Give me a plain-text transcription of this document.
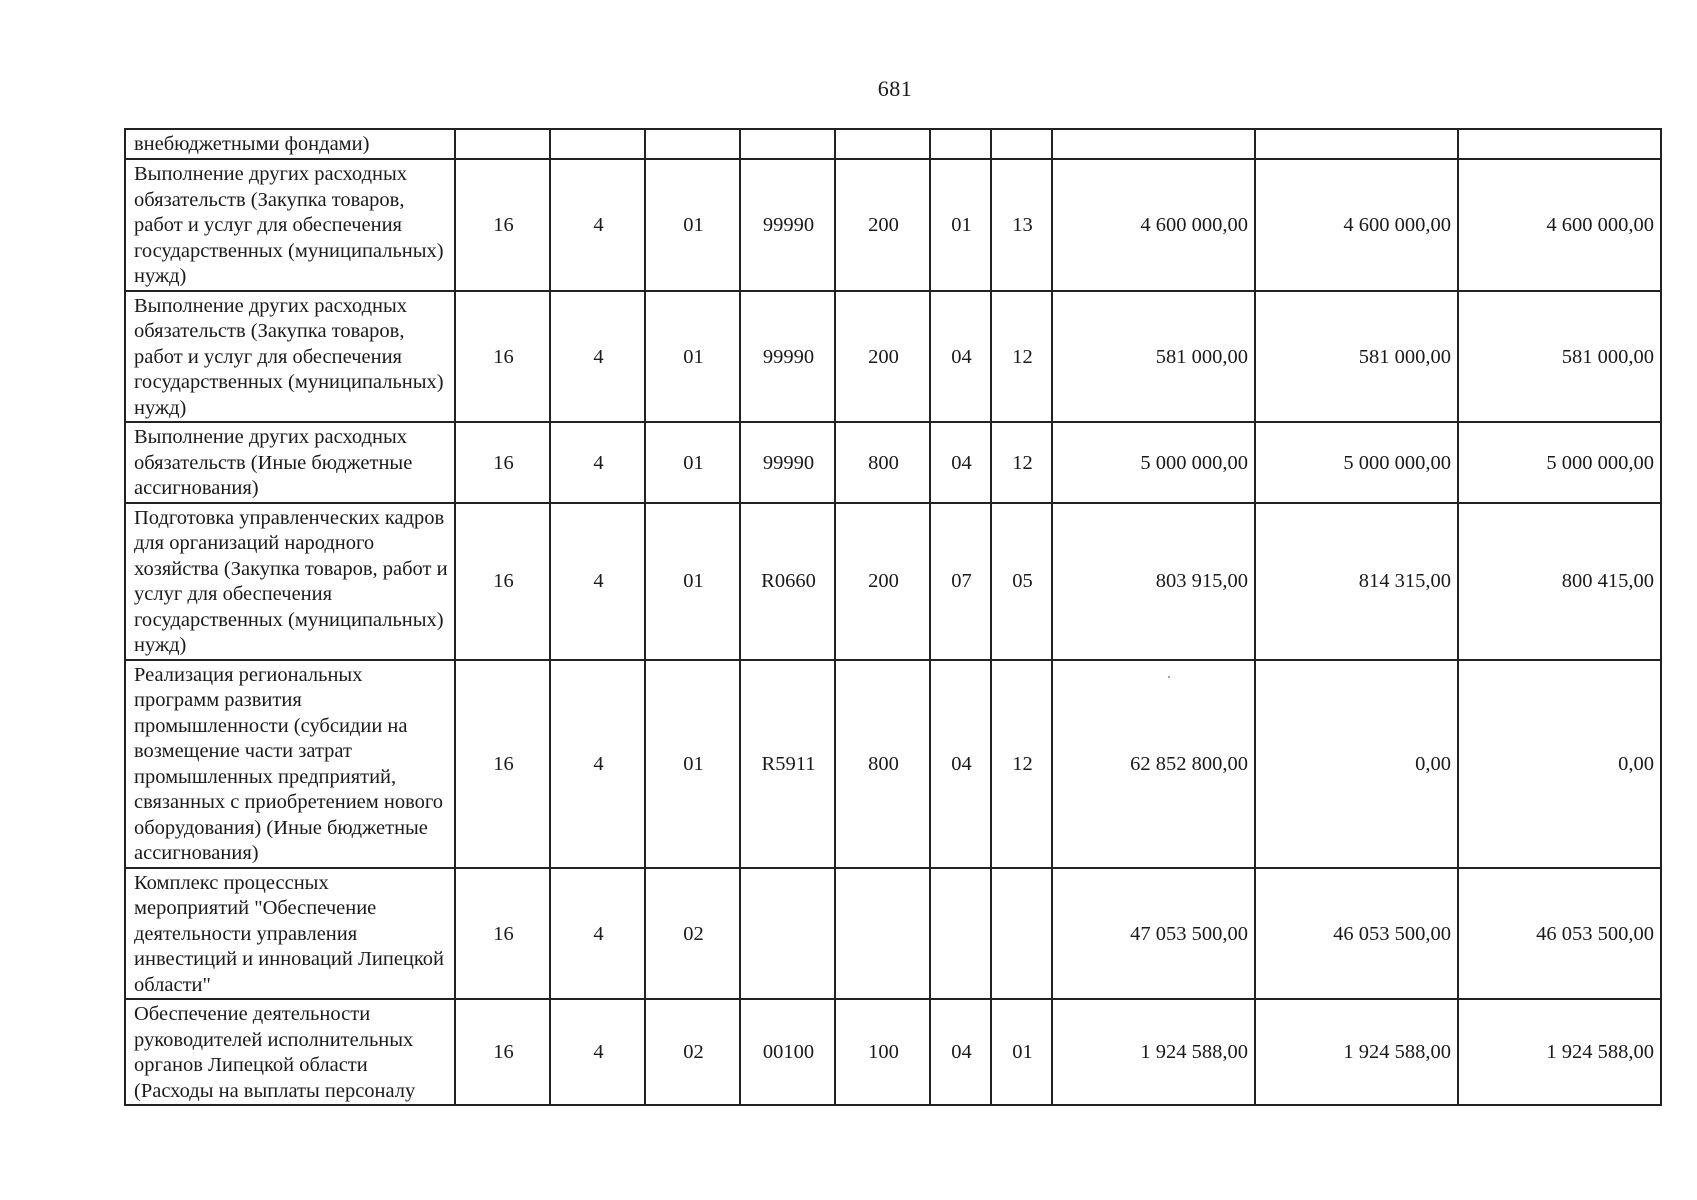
681
внебюджетными фондами)										
Выполнение других расходных обязательств (Закупка товаров, работ и услуг для обеспечения государственных (муниципальных) нужд)	16	4	01	99990	200	01	13	4 600 000,00	4 600 000,00	4 600 000,00
Выполнение других расходных обязательств (Закупка товаров, работ и услуг для обеспечения государственных (муниципальных) нужд)	16	4	01	99990	200	04	12	581 000,00	581 000,00	581 000,00
Выполнение других расходных обязательств (Иные бюджетные ассигнования)	16	4	01	99990	800	04	12	5 000 000,00	5 000 000,00	5 000 000,00
Подготовка управленческих кадров для организаций народного хозяйства (Закупка товаров, работ и услуг для обеспечения государственных (муниципальных) нужд)	16	4	01	R0660	200	07	05	803 915,00	814 315,00	800 415,00
Реализация региональных программ развития промышленности (субсидии на возмещение части затрат промышленных предприятий, связанных с приобретением нового оборудования) (Иные бюджетные ассигнования)	16	4	01	R5911	800	04	12	62 852 800,00	0,00	0,00
Комплекс процессных мероприятий "Обеспечение деятельности управления инвестиций и инноваций Липецкой области"	16	4	02					47 053 500,00	46 053 500,00	46 053 500,00
Обеспечение деятельности руководителей исполнительных органов Липецкой области (Расходы на выплаты персоналу	16	4	02	00100	100	04	01	1 924 588,00	1 924 588,00	1 924 588,00
